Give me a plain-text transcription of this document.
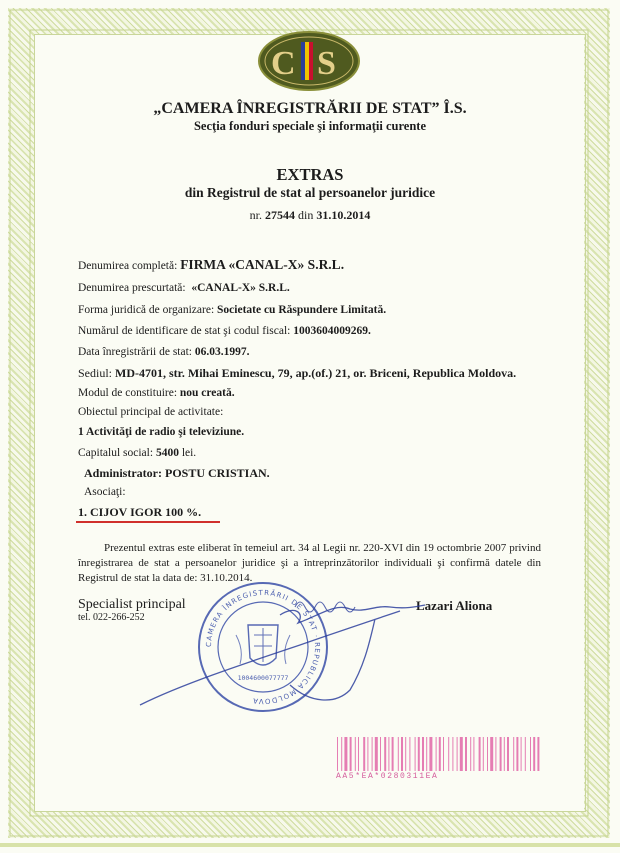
C S
„CAMERA ÎNREGISTRĂRII DE STAT” Î.S.
Secţia fonduri speciale şi informaţii curente
EXTRAS
din Registrul de stat al persoanelor juridice
nr. 27544 din 31.10.2014
Denumirea completă: FIRMA «CANAL-X» S.R.L.
Denumirea prescurtată: «CANAL-X» S.R.L.
Forma juridică de organizare: Societate cu Răspundere Limitată.
Numărul de identificare de stat şi codul fiscal: 1003604009269.
Data înregistrării de stat: 06.03.1997.
Sediul: MD-4701, str. Mihai Eminescu, 79, ap.(of.) 21, or. Briceni, Republica Moldova.
Modul de constituire: nou creată.
Obiectul principal de activitate:
1 Activităţi de radio şi televiziune.
Capitalul social: 5400 lei.
Administrator: POSTU CRISTIAN.
Asociaţi:
1. CIJOV IGOR 100 %.
Prezentul extras este eliberat în temeiul art. 34 al Legii nr. 220-XVI din 19 octombrie 2007 privind înregistrarea de stat a persoanelor juridice şi a întreprinzătorilor individuali şi confirmă datele din Registrul de stat la data de: 31.10.2014.
Specialist principal
tel. 022-266-252
Lazari Aliona
CAMERA ÎNREGISTRĂRII DE STAT · REPUBLICA MOLDOVA
1004600077777
AA5*EA*0280311EA
